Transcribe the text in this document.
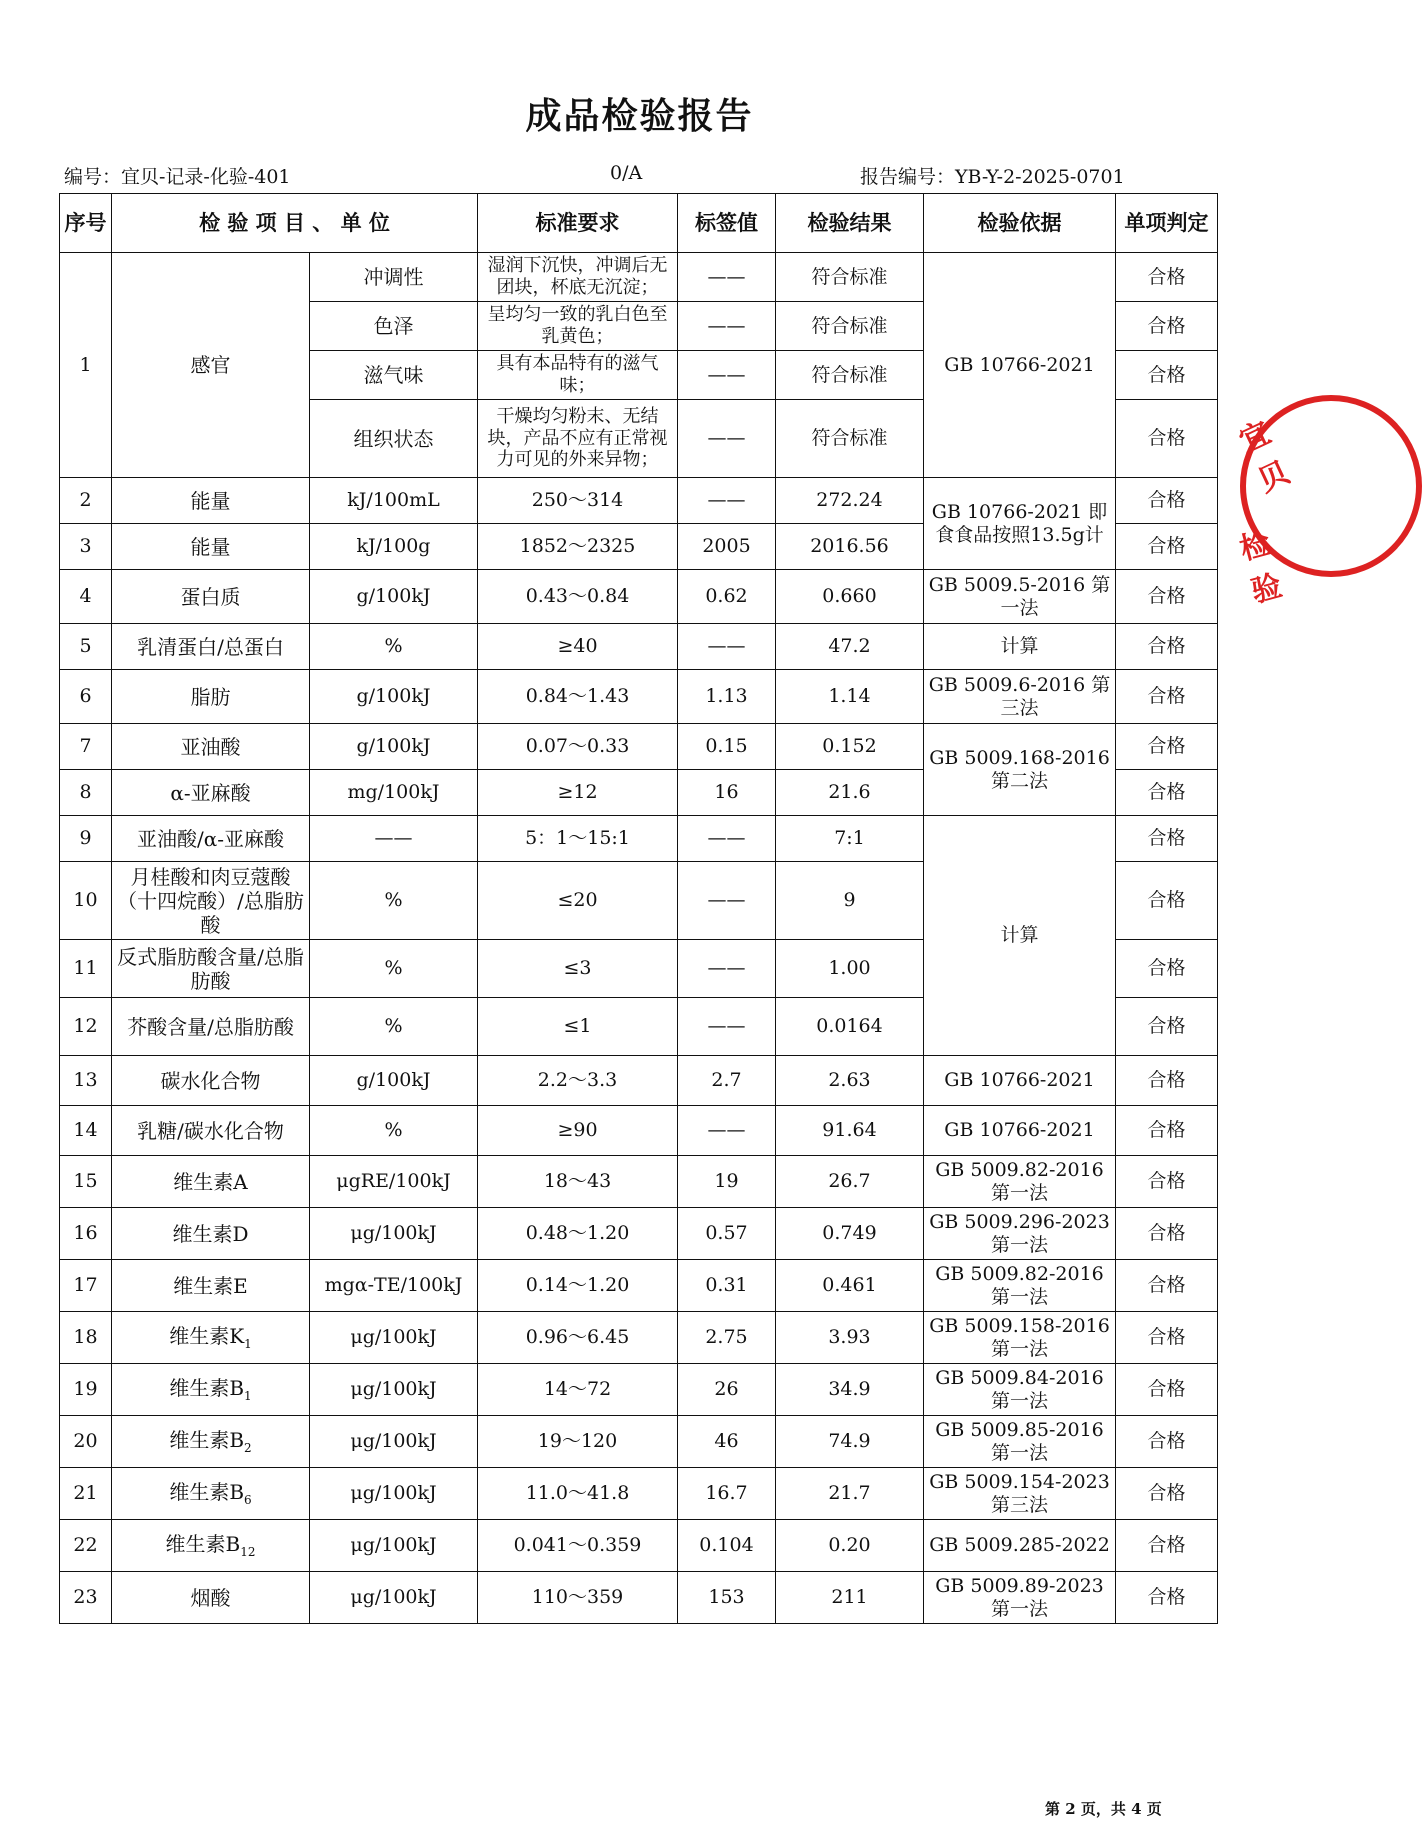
成品检验报告
编号：宜贝-记录-化验-401	0/A	报告编号：YB-Y-2-2025-0701
序号	检 验 项 目 、 单 位		标准要求	标签值	检验结果	检验依据	单项判定
1	感官	冲调性	湿润下沉快，冲调后无团块，杯底无沉淀；	——	符合标准	GB 10766-2021	合格
		色泽	呈均匀一致的乳白色至乳黄色；	——	符合标准		合格
		滋气味	具有本品特有的滋气味；	——	符合标准		合格
		组织状态	干燥均匀粉末、无结块，产品不应有正常视力可见的外来异物；	——	符合标准		合格
2	能量	kJ/100mL	250～314	——	272.24	GB 10766-2021 即食食品按照13.5g计	合格
3	能量	kJ/100g	1852～2325	2005	2016.56		合格
4	蛋白质	g/100kJ	0.43～0.84	0.62	0.660	GB 5009.5-2016 第一法	合格
5	乳清蛋白/总蛋白	%	≥40	——	47.2	计算	合格
6	脂肪	g/100kJ	0.84～1.43	1.13	1.14	GB 5009.6-2016 第三法	合格
7	亚油酸	g/100kJ	0.07～0.33	0.15	0.152	GB 5009.168-2016 第二法	合格
8	α-亚麻酸	mg/100kJ	≥12	16	21.6		合格
9	亚油酸/α-亚麻酸	——	5：1～15:1	——	7:1	计算	合格
10	月桂酸和肉豆蔻酸（十四烷酸）/总脂肪酸	%	≤20	——	9		合格
11	反式脂肪酸含量/总脂肪酸	%	≤3	——	1.00		合格
12	芥酸含量/总脂肪酸	%	≤1	——	0.0164		合格
13	碳水化合物	g/100kJ	2.2～3.3	2.7	2.63	GB 10766-2021	合格
14	乳糖/碳水化合物	%	≥90	——	91.64	GB 10766-2021	合格
15	维生素A	μgRE/100kJ	18～43	19	26.7	GB 5009.82-2016 第一法	合格
16	维生素D	μg/100kJ	0.48～1.20	0.57	0.749	GB 5009.296-2023 第一法	合格
17	维生素E	mgα-TE/100kJ	0.14～1.20	0.31	0.461	GB 5009.82-2016 第一法	合格
18	维生素$K_1$	μg/100kJ	0.96～6.45	2.75	3.93	GB 5009.158-2016 第一法	合格
19	维生素$B_1$	μg/100kJ	14～72	26	34.9	GB 5009.84-2016 第一法	合格
20	维生素$B_2$	μg/100kJ	19～120	46	74.9	GB 5009.85-2016 第一法	合格
21	维生素$B_6$	μg/100kJ	11.0～41.8	16.7	21.7	GB 5009.154-2023 第三法	合格
22	维生素$B_{12}$	μg/100kJ	0.041～0.359	0.104	0.20	GB 5009.285-2022	合格
23	烟酸	μg/100kJ	110～359	153	211	GB 5009.89-2023 第一法	合格
第 2 页，共 4 页
宜贝
检验
